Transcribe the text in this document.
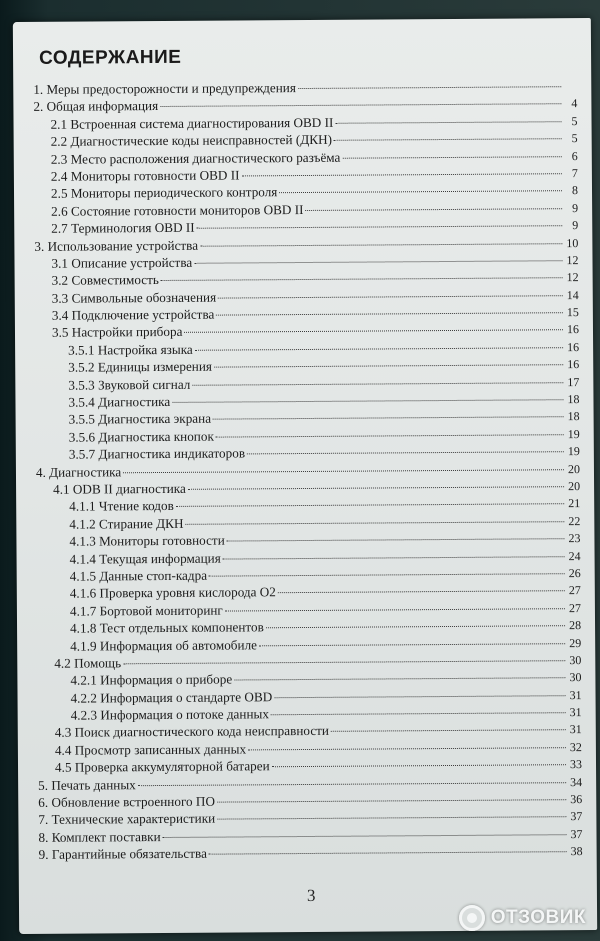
СОДЕРЖАНИЕ
1. Меры предосторожности и предупреждения
2. Общая информация	4
2.1 Встроенная система диагностирования OBD II	5
2.2 Диагностические коды неисправностей (ДКН)	5
2.3 Место расположения диагностического разъёма	6
2.4 Мониторы готовности OBD II	7
2.5 Мониторы периодического контроля	8
2.6 Состояние готовности мониторов OBD II	9
2.7 Терминология OBD II	9
3. Использование устройства	10
3.1 Описание устройства	12
3.2 Совместимость	12
3.3 Символьные обозначения	14
3.4 Подключение устройства	15
3.5 Настройки прибора	16
3.5.1 Настройка языка	16
3.5.2 Единицы измерения	16
3.5.3 Звуковой сигнал	17
3.5.4 Диагностика	18
3.5.5 Диагностика экрана	18
3.5.6 Диагностика кнопок	19
3.5.7 Диагностика индикаторов	19
4. Диагностика	20
4.1 ODB II диагностика	20
4.1.1 Чтение кодов	21
4.1.2 Стирание ДКН	22
4.1.3 Мониторы готовности	23
4.1.4 Текущая информация	24
4.1.5 Данные стоп-кадра	26
4.1.6 Проверка уровня кислорода О2	27
4.1.7 Бортовой мониторинг	27
4.1.8 Тест отдельных компонентов	28
4.1.9 Информация об автомобиле	29
4.2 Помощь	30
4.2.1 Информация о приборе	30
4.2.2 Информация о стандарте OBD	31
4.2.3 Информация о потоке данных	31
4.3 Поиск диагностического кода неисправности	31
4.4 Просмотр записанных данных	32
4.5 Проверка аккумуляторной батареи	33
5. Печать данных	34
6. Обновление встроенного ПО	36
7. Технические характеристики	37
8. Комплект поставки	37
9. Гарантийные обязательства	38
3
ОТЗОВИК
